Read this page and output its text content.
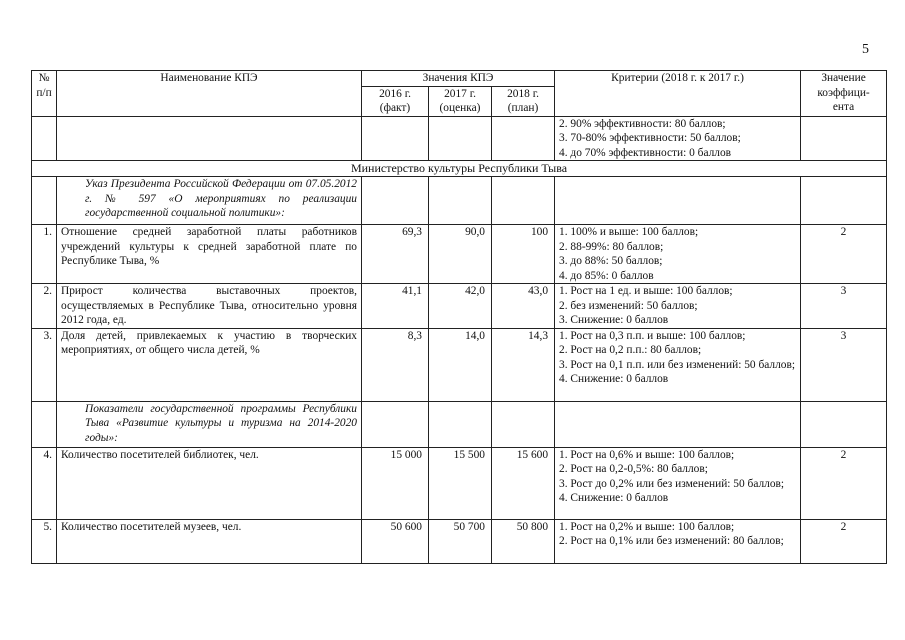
5
№ п/п	Наименование КПЭ	Значения КПЭ			Критерии (2018 г. к 2017 г.)	Значение коэффици-ента
		2016 г. (факт)	2017 г. (оценка)	2018 г. (план)		

					2. 90% эффективности: 80 баллов;
3. 70-80% эффективности: 50 баллов;
4. до 70% эффективности: 0 баллов	

Министерство культуры Республики Тыва						
	Указ Президента Российской Федерации от 07.05.2012 г. № 597 «О мероприятиях по реализации государственной социальной политики»:					
1.	Отношение средней заработной платы работников учреждений культуры к средней заработной плате по Республике Тыва, %	69,3	90,0	100	1. 100% и выше: 100 баллов;
2. 88-99%: 80 баллов;
3. до 88%: 50 баллов;
4. до 85%: 0 баллов	2
2.	Прирост количества выставочных проектов, осуществляемых в Республике Тыва, относительно уровня 2012 года, ед.	41,1	42,0	43,0	1. Рост на 1 ед. и выше: 100 баллов;
2. без изменений: 50 баллов;
3. Снижение: 0 баллов	3
3.	Доля детей, привлекаемых к участию в творческих мероприятиях, от общего числа детей, %	8,3	14,0	14,3	1. Рост на 0,3 п.п. и выше: 100 баллов;
2. Рост на 0,2 п.п.: 80 баллов;
3. Рост на 0,1 п.п. или без изменений: 50 баллов;
4. Снижение: 0 баллов	3
	Показатели государственной программы Республики Тыва «Развитие культуры и туризма на 2014-2020 годы»:					
4.	Количество посетителей библиотек, чел.	15 000	15 500	15 600	1. Рост на 0,6% и выше: 100 баллов;
2. Рост на 0,2-0,5%: 80 баллов;
3. Рост до 0,2% или без изменений: 50 баллов;
4. Снижение: 0 баллов	2
5.	Количество посетителей музеев, чел.	50 600	50 700	50 800	1. Рост на 0,2% и выше: 100 баллов;
2. Рост на 0,1% или без изменений: 80 баллов;	2
